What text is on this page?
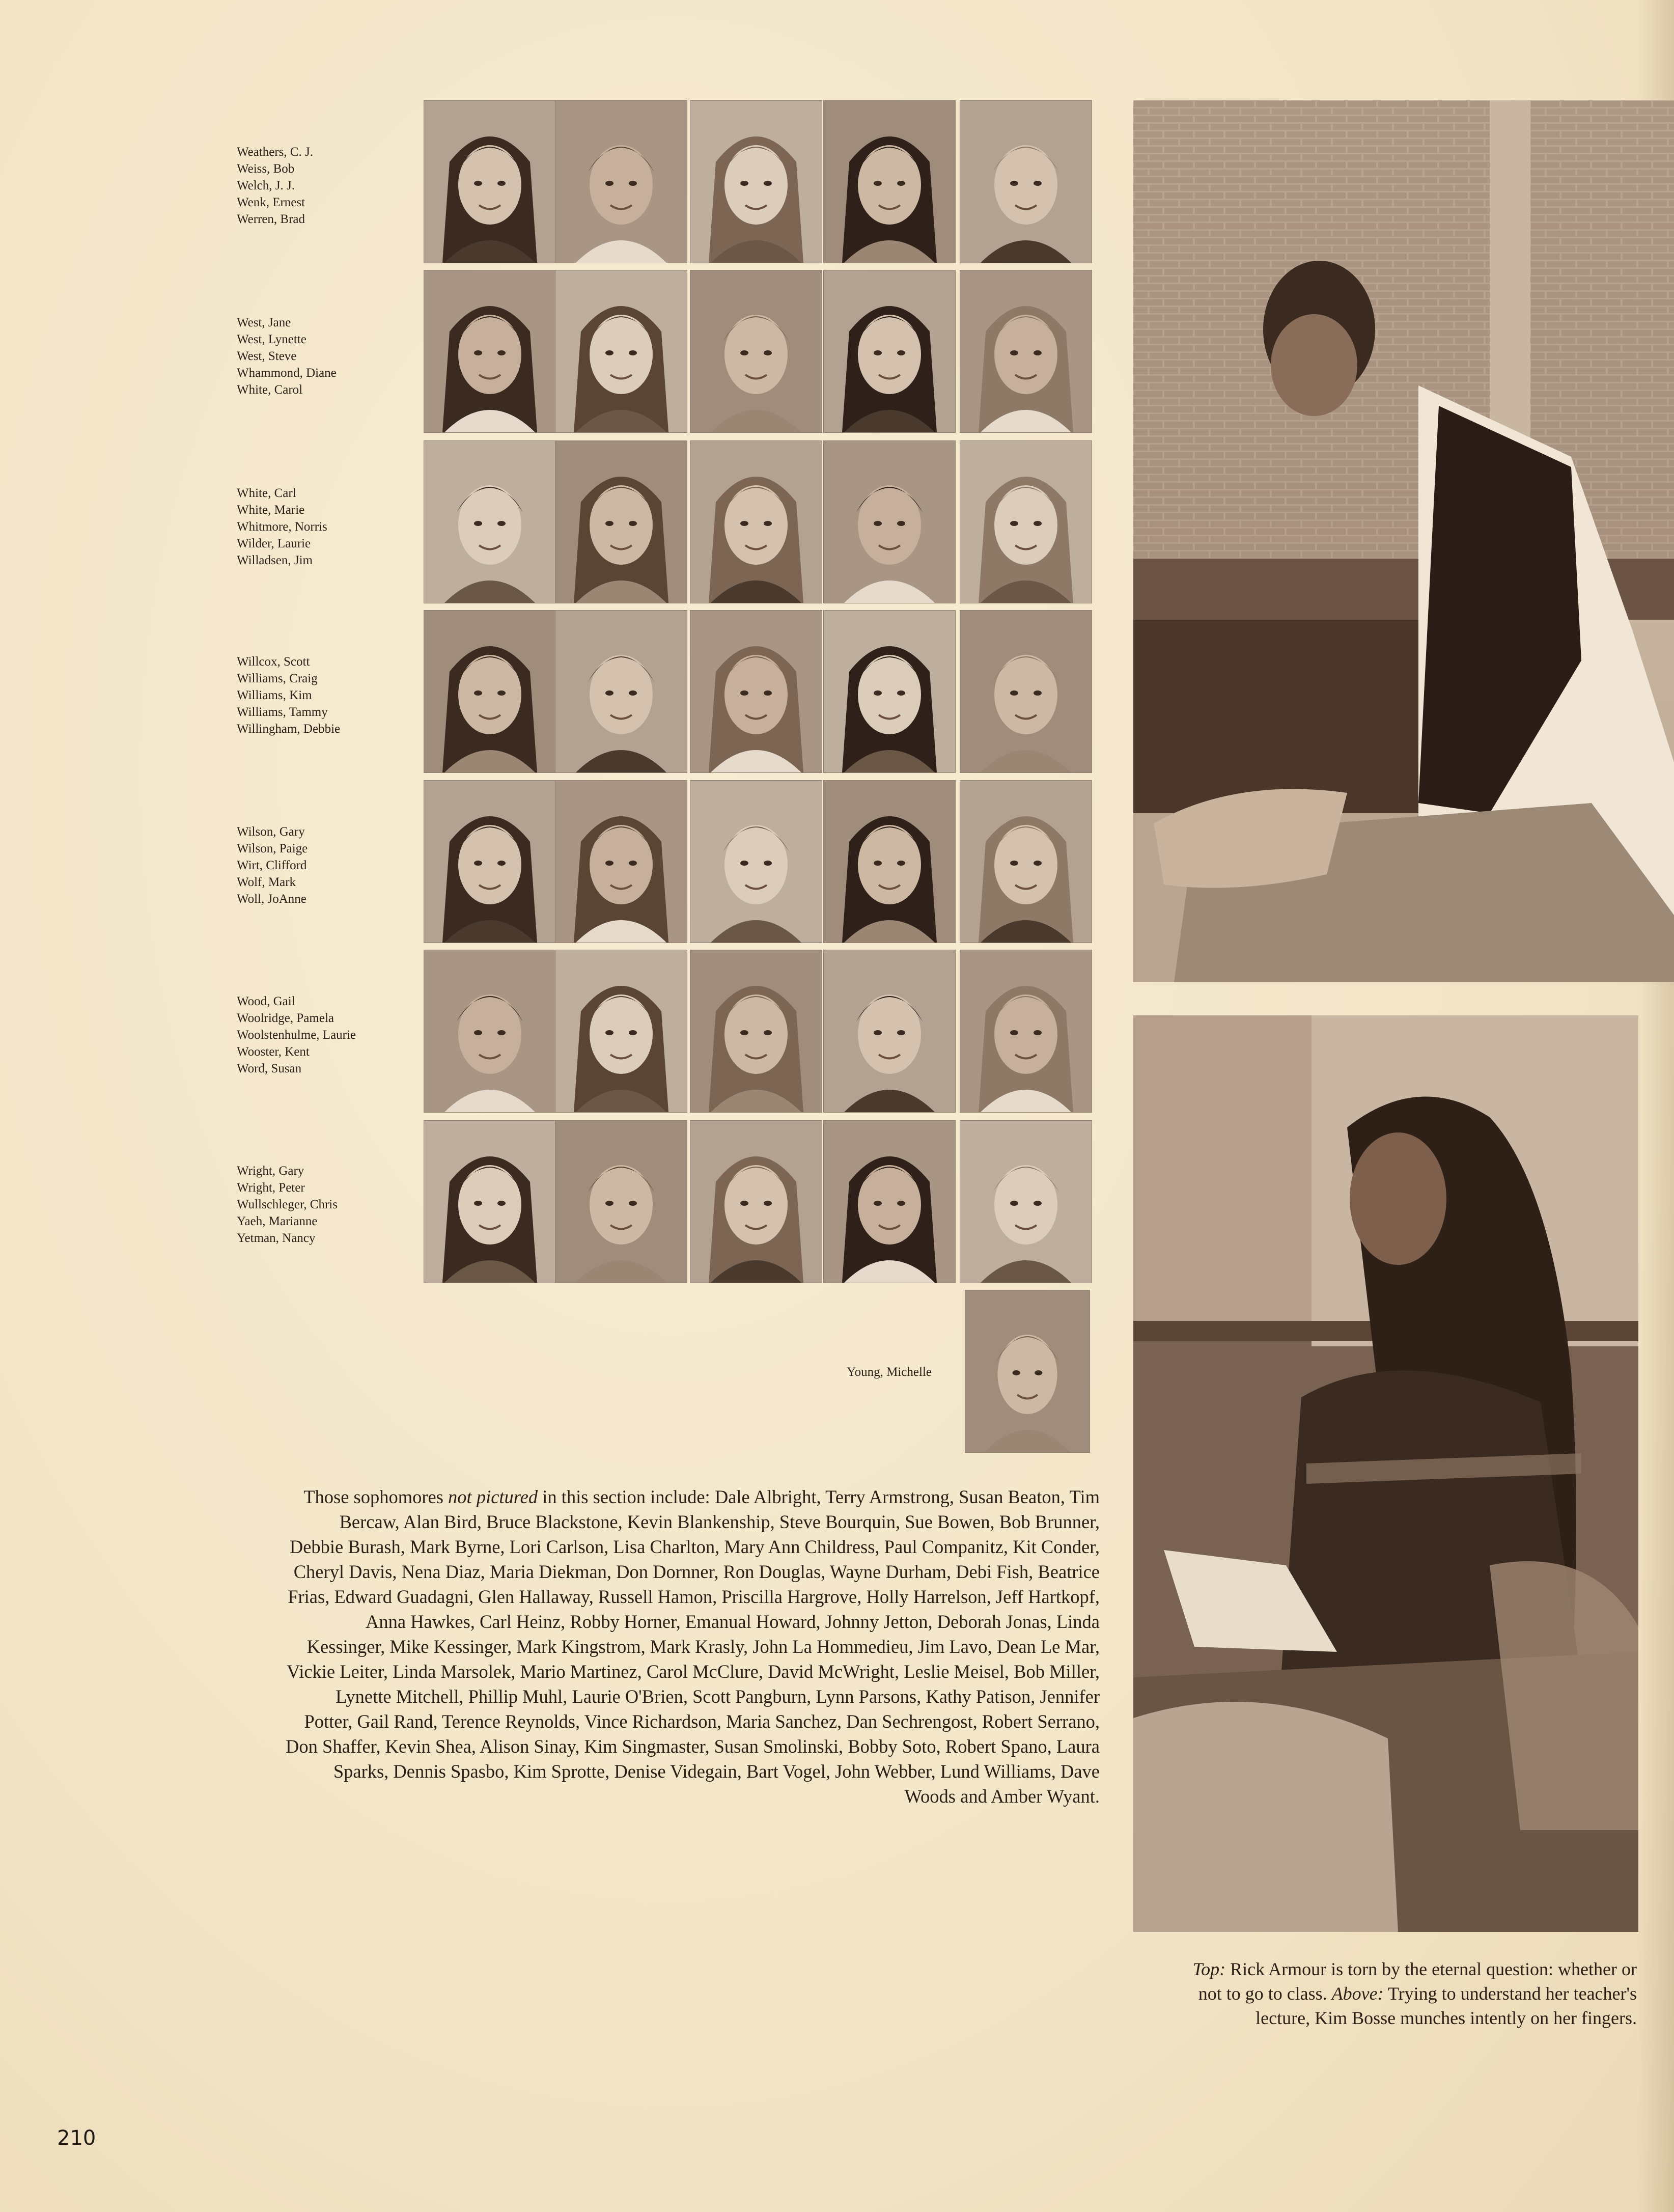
Weathers, C. J.
Weiss, Bob
Welch, J. J.
Wenk, Ernest
Werren, Brad
West, Jane
West, Lynette
West, Steve
Whammond, Diane
White, Carol
White, Carl
White, Marie
Whitmore, Norris
Wilder, Laurie
Willadsen, Jim
Willcox, Scott
Williams, Craig
Williams, Kim
Williams, Tammy
Willingham, Debbie
Wilson, Gary
Wilson, Paige
Wirt, Clifford
Wolf, Mark
Woll, JoAnne
Wood, Gail
Woolridge, Pamela
Woolstenhulme, Laurie
Wooster, Kent
Word, Susan
Wright, Gary
Wright, Peter
Wullschleger, Chris
Yaeh, Marianne
Yetman, Nancy
Young, Michelle
Those sophomores not pictured in this section include: Dale Albright, Terry Armstrong, Susan Beaton, Tim Bercaw, Alan Bird, Bruce Blackstone, Kevin Blankenship, Steve Bourquin, Sue Bowen, Bob Brunner, Debbie Burash, Mark Byrne, Lori Carlson, Lisa Charlton, Mary Ann Childress, Paul Companitz, Kit Conder, Cheryl Davis, Nena Diaz, Maria Diekman, Don Dornner, Ron Douglas, Wayne Durham, Debi Fish, Beatrice Frias, Edward Guadagni, Glen Hallaway, Russell Hamon, Priscilla Hargrove, Holly Harrelson, Jeff Hartkopf, Anna Hawkes, Carl Heinz, Robby Horner, Emanual Howard, Johnny Jetton, Deborah Jonas, Linda Kessinger, Mike Kessinger, Mark Kingstrom, Mark Krasly, John La Hommedieu, Jim Lavo, Dean Le Mar, Vickie Leiter, Linda Marsolek, Mario Martinez, Carol McClure, David McWright, Leslie Meisel, Bob Miller, Lynette Mitchell, Phillip Muhl, Laurie O'Brien, Scott Pangburn, Lynn Parsons, Kathy Patison, Jennifer Potter, Gail Rand, Terence Reynolds, Vince Richardson, Maria Sanchez, Dan Sechrengost, Robert Serrano, Don Shaffer, Kevin Shea, Alison Sinay, Kim Singmaster, Susan Smolinski, Bobby Soto, Robert Spano, Laura Sparks, Dennis Spasbo, Kim Sprotte, Denise Videgain, Bart Vogel, John Webber, Lund Williams, Dave Woods and Amber Wyant.
Top: Rick Armour is torn by the eternal question: whether or not to go to class. Above: Trying to understand her teacher's lecture, Kim Bosse munches intently on her fingers.
210
